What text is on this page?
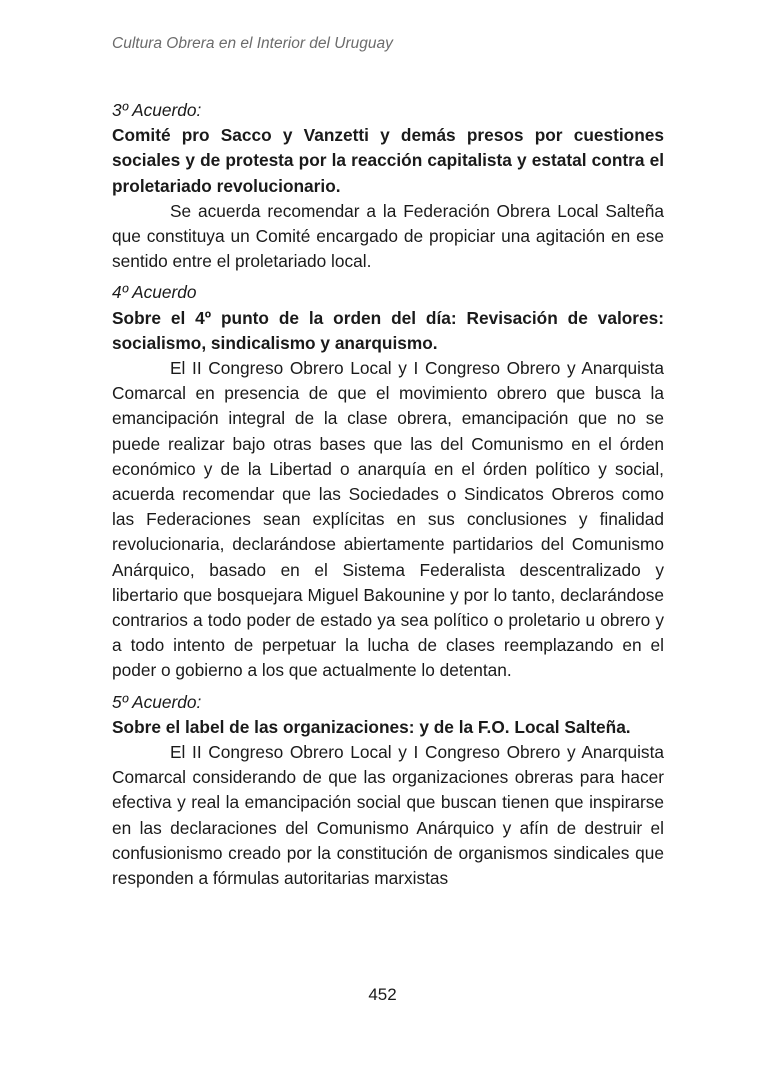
Cultura Obrera en el Interior del Uruguay

3º Acuerdo:

Comité pro Sacco y Vanzetti y demás presos por cuestiones sociales y de protesta por la reacción capitalista y estatal contra el proletariado revolucionario.

Se acuerda recomendar a la Federación Obrera Local Salteña que constituya un Comité encargado de propiciar una agitación en ese sentido entre el proletariado local.

4º Acuerdo

Sobre el 4º punto de la orden del día: Revisación de valores: socialismo, sindicalismo y anarquismo.

El II Congreso Obrero Local y I Congreso Obrero y Anarquista Comarcal en presencia de que el movimiento obrero que busca la emancipación integral de la clase obrera, emancipación que no se puede realizar bajo otras bases que las del Comunismo en el órden económico y de la Libertad o anarquía en el órden político y social, acuerda recomendar que las Sociedades o Sindicatos Obreros como las Federaciones sean explícitas en sus conclusiones y finalidad revolucionaria, declarándose abiertamente partidarios del Comunismo Anárquico, basado en el Sistema Federalista descentralizado y libertario que bosquejara Miguel Bakounine y por lo tanto, declarándose contrarios a todo poder de estado ya sea político o proletario u obrero y a todo intento de perpetuar la lucha de clases reemplazando en el poder o gobierno a los que actualmente lo detentan.

5º Acuerdo:

Sobre el label de las organizaciones: y de la F.O. Local Salteña.

El II Congreso Obrero Local y I Congreso Obrero y Anarquista Comarcal considerando de que las organizaciones obreras para hacer efectiva y real la emancipación social que buscan tienen que inspirarse en las declaraciones del Comunismo Anárquico y afín de destruir el confusionismo creado por la constitución de organismos sindicales que responden a fórmulas autoritarias marxistas

452
